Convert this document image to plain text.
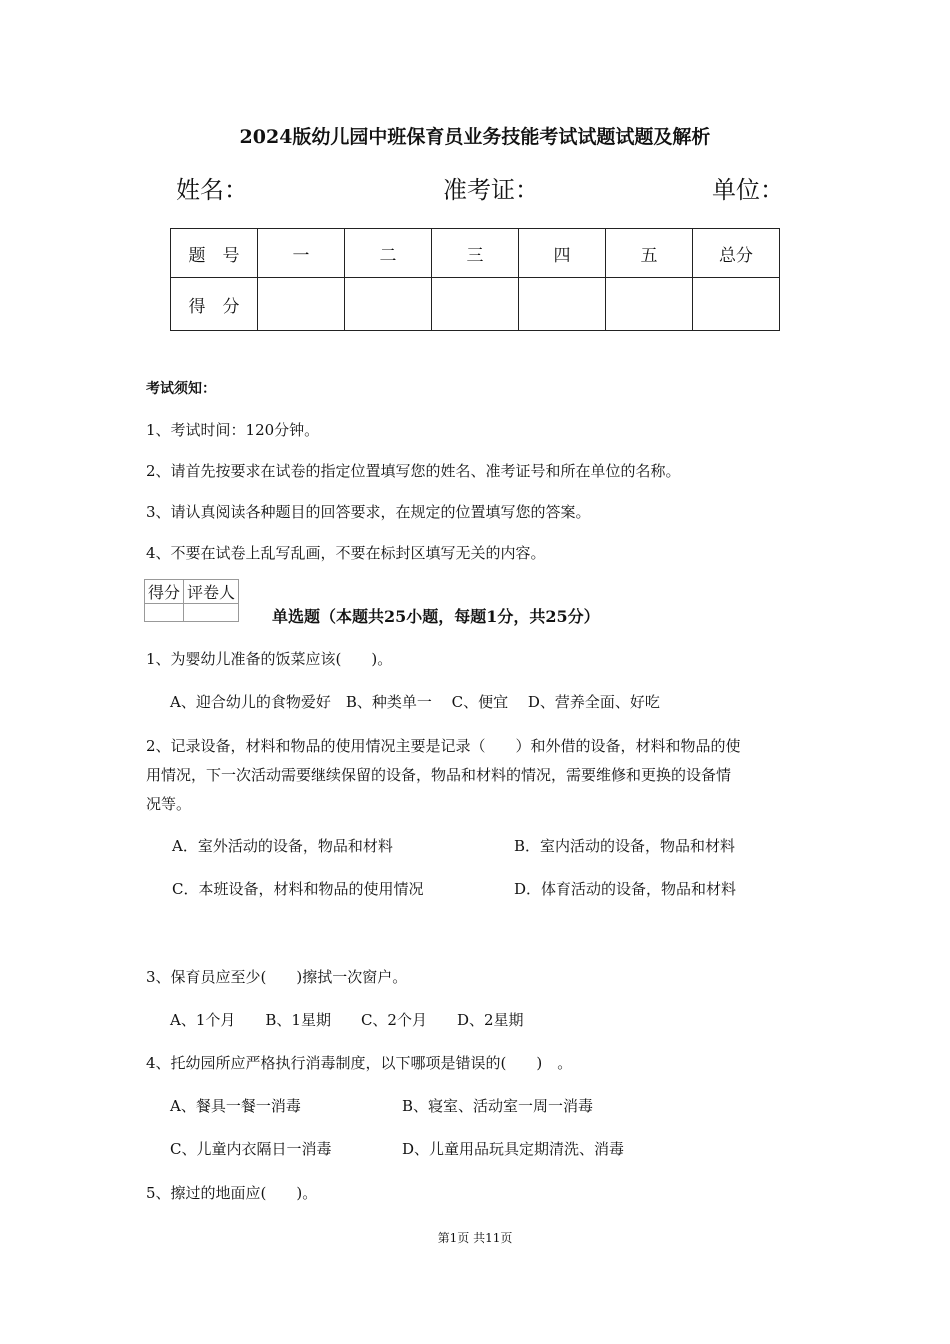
2024版幼儿园中班保育员业务技能考试试题试题及解析
姓名：	准考证：	单位：
题　号	一	二	三	四	五	总分
得　分						
考试须知：
1、考试时间：120分钟。
2、请首先按要求在试卷的指定位置填写您的姓名、准考证号和所在单位的名称。
3、请认真阅读各种题目的回答要求，在规定的位置填写您的答案。
4、不要在试卷上乱写乱画，不要在标封区填写无关的内容。
得分	评卷人

单选题（本题共25小题，每题1分，共25分）
1、为婴幼儿准备的饭菜应该(　　)。
A、迎合幼儿的食物爱好　B、种类单一　 C、便宜　 D、营养全面、好吃
2、记录设备，材料和物品的使用情况主要是记录（　　）和外借的设备，材料和物品的使
用情况，下一次活动需要继续保留的设备，物品和材料的情况，需要维修和更换的设备情
况等。
A．室外活动的设备，物品和材料	B．室内活动的设备，物品和材料
C．本班设备，材料和物品的使用情况	D．体育活动的设备，物品和材料
3、保育员应至少(　　)擦拭一次窗户。
A、1个月　　B、1星期　　C、2个月　　D、2星期
4、托幼园所应严格执行消毒制度，以下哪项是错误的(　　)　。
A、餐具一餐一消毒	B、寝室、活动室一周一消毒
C、儿童内衣隔日一消毒	D、儿童用品玩具定期清洗、消毒
5、擦过的地面应(　　)。
第1页 共11页
